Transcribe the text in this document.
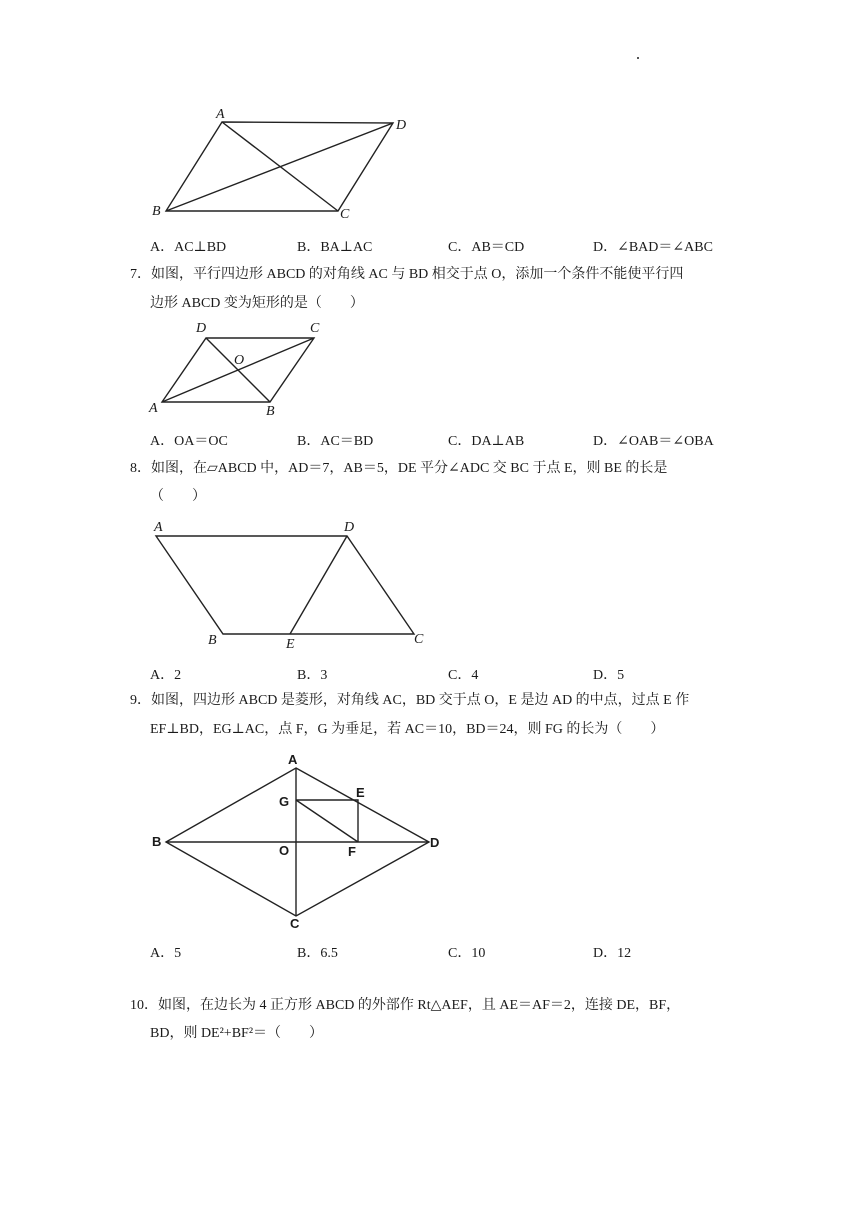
A
D
B	C
A．AC⊥BD	B．BA⊥AC	C．AB＝CD	D．∠BAD＝∠ABC
7．如图，平行四边形 ABCD 的对角线 AC 与 BD 相交于点 O，添加一个条件不能使平行四
边形 ABCD 变为矩形的是（　　）
D	C
O
A	B
A．OA＝OC	B．AC＝BD	C．DA⊥AB	D．∠OAB＝∠OBA
8．如图，在▱ABCD 中，AD＝7，AB＝5，DE 平分∠ADC 交 BC 于点 E，则 BE 的长是
（　　）
A	D
B	E	C
A．2	B．3	C．4	D．5
9．如图，四边形 ABCD 是菱形，对角线 AC，BD 交于点 O，E 是边 AD 的中点，过点 E 作
EF⊥BD，EG⊥AC，点 F，G 为垂足，若 AC＝10，BD＝24，则 FG 的长为（　　）
A
G
E
B
O	F
D
C
A．5	B．6.5	C．10	D．12
10．如图，在边长为 4 正方形 ABCD 的外部作 Rt△AEF，且 AE＝AF＝2，连接 DE，BF，
BD，则 DE²+BF²＝（　　）
